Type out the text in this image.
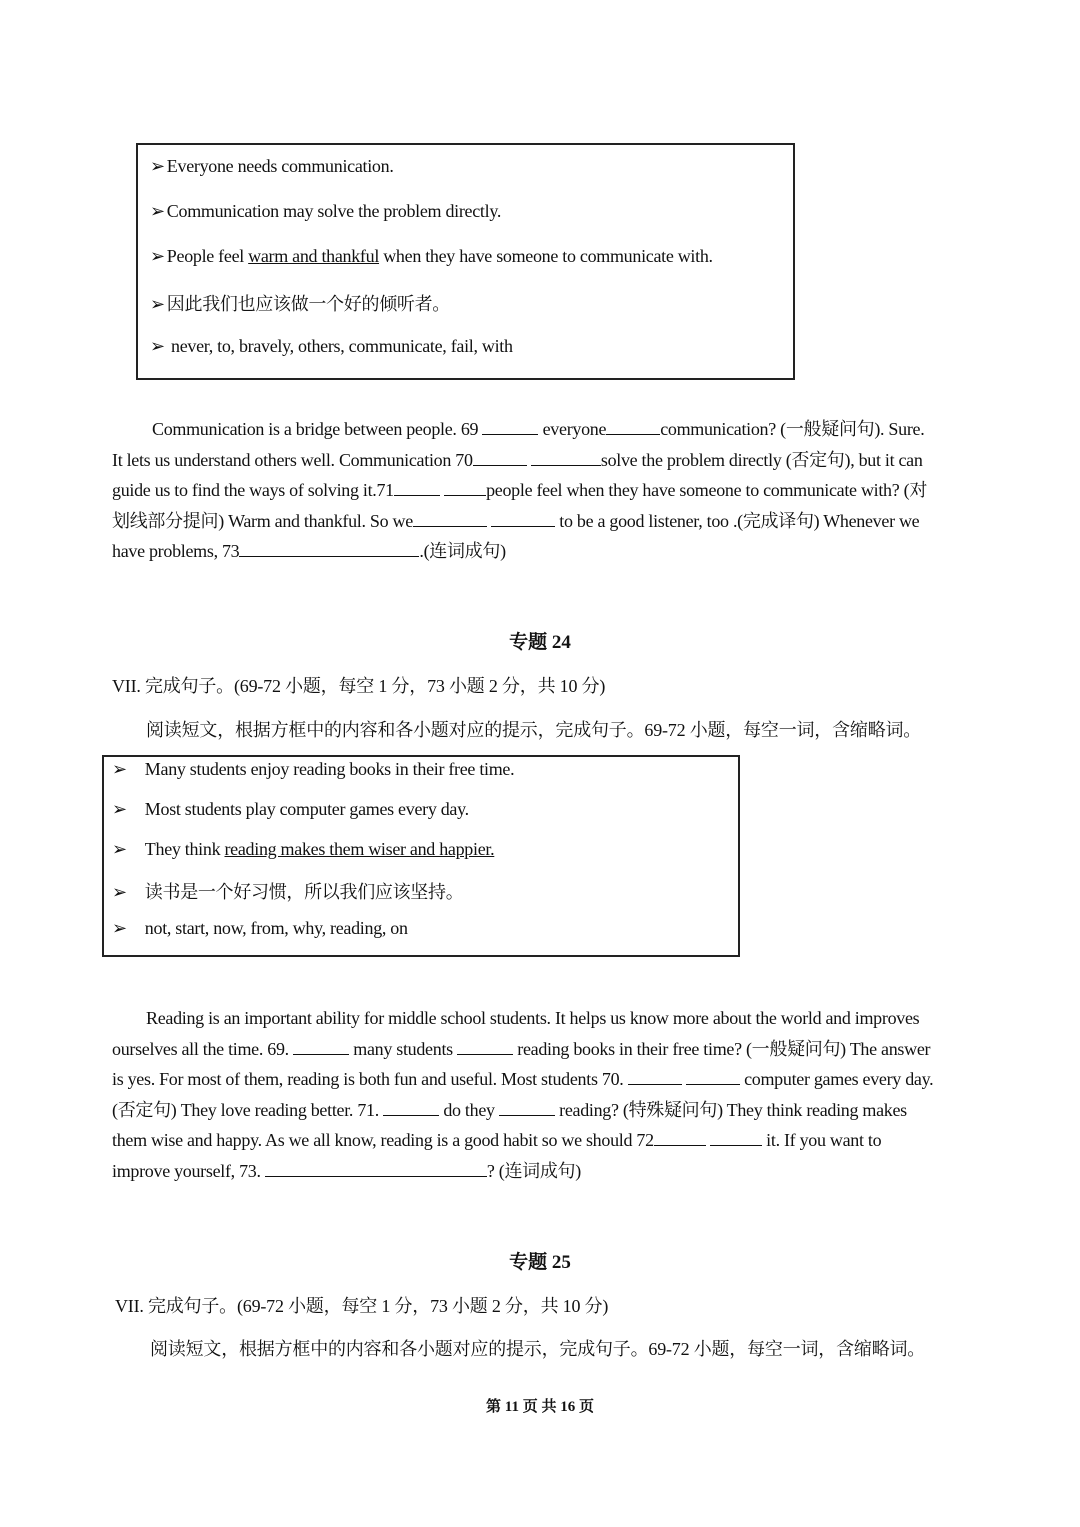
➢ Everyone needs communication.
➢ Communication may solve the problem directly.
➢ People feel warm and thankful when they have someone to communicate with.
➢ 因此我们也应该做一个好的倾听者。
➢ never, to, bravely, others, communicate, fail, with
Communication is a bridge between people. 69	everyone	communication? (一般疑问句). Sure.
It lets us understand others well. Communication 70	solve the problem directly (否定句), but it can
guide us to find the ways of solving it.71	people feel when they have someone to communicate with? (对
划线部分提问) Warm and thankful. So we	to be a good listener, too .(完成译句) Whenever we
have problems, 73	.(连词成句)
专题 24
VII. 完成句子。(69-72 小题，每空 1 分，73 小题 2 分，共 10 分)
阅读短文，根据方框中的内容和各小题对应的提示，完成句子。69-72 小题，每空一词，含缩略词。
➢ Many students enjoy reading books in their free time.
➢ Most students play computer games every day.
➢ They think reading makes them wiser and happier.
➢ 读书是一个好习惯，所以我们应该坚持。
➢ not, start, now, from, why, reading, on
Reading is an important ability for middle school students. It helps us know more about the world and improves
ourselves all the time. 69.	many students	reading books in their free time? (一般疑问句) The answer
is yes. For most of them, reading is both fun and useful. Most students 70.	computer games every day.
(否定句) They love reading better. 71.	do they	reading? (特殊疑问句) They think reading makes
them wise and happy. As we all know, reading is a good habit so we should 72	it. If you want to
improve yourself, 73.	? (连词成句)
专题 25
VII. 完成句子。(69-72 小题，每空 1 分，73 小题 2 分，共 10 分)
阅读短文，根据方框中的内容和各小题对应的提示，完成句子。69-72 小题，每空一词，含缩略词。
第 11 页 共 16 页
